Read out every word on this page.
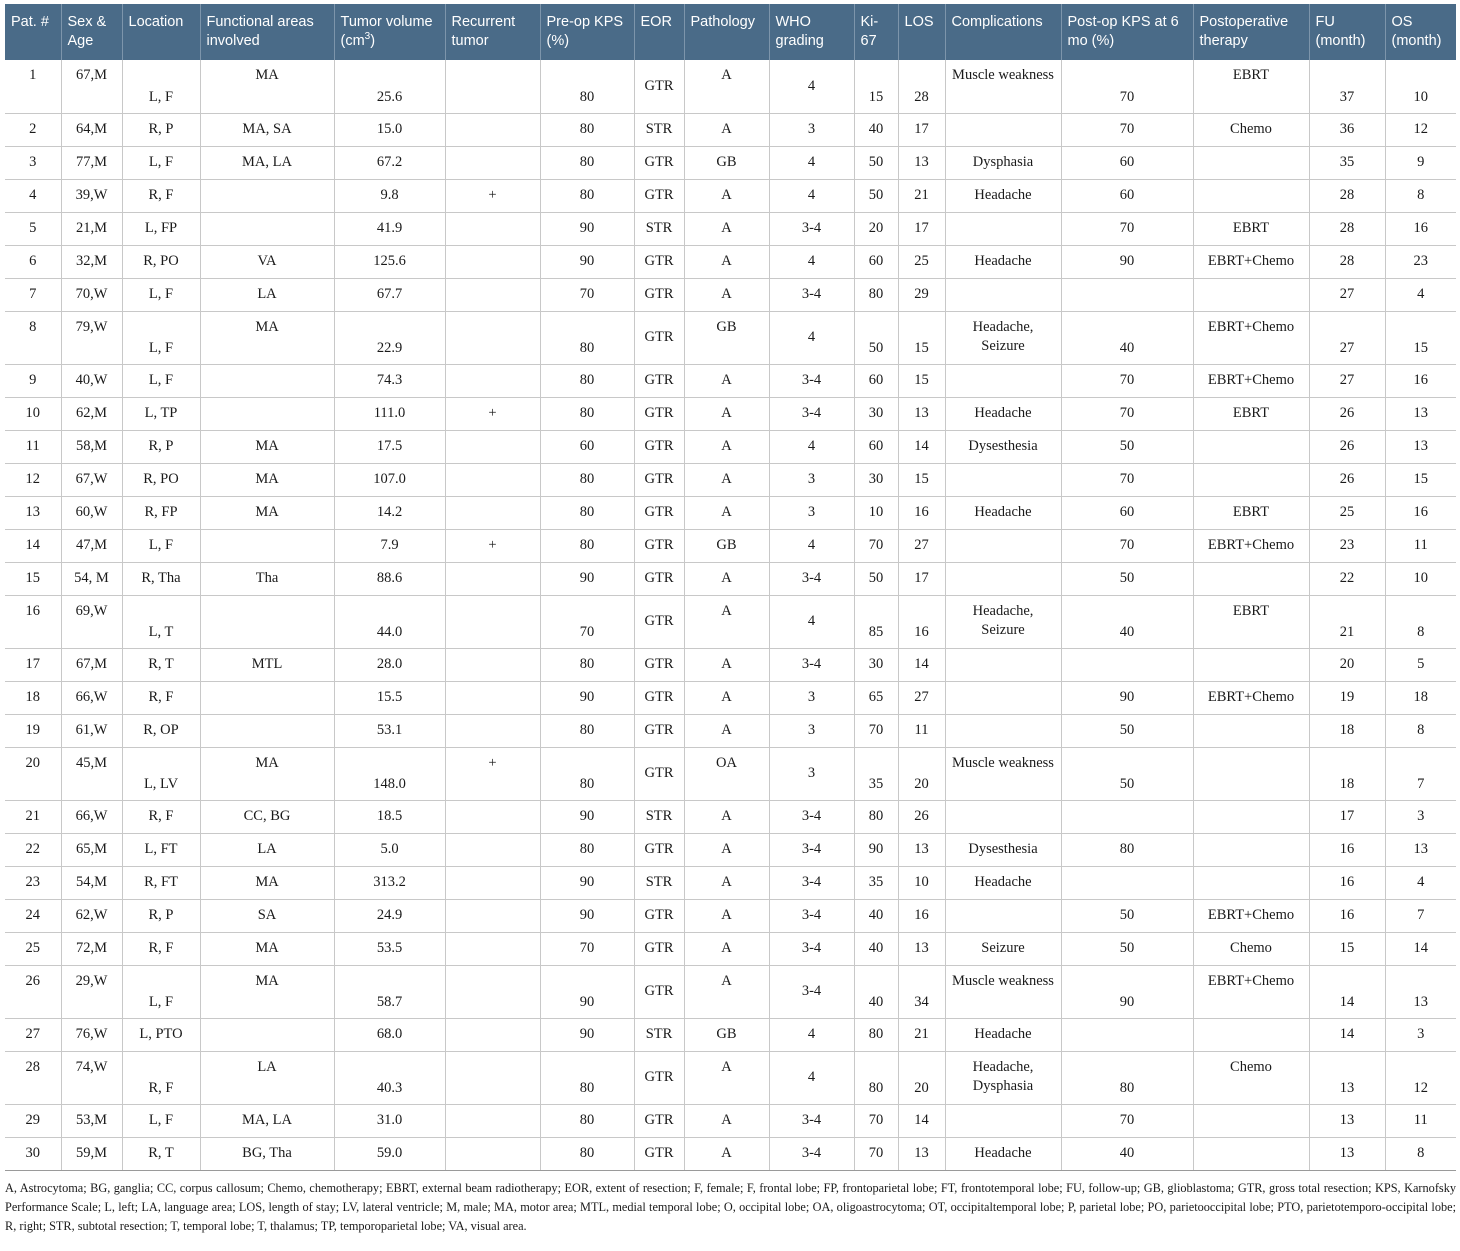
Pat. #	Sex & Age	Location	Functional areas involved	Tumor volume $(cm^3)$	Recurrent tumor	Pre-op KPS (%)	EOR	Pathology	WHO grading	Ki-67	LOS	Complications	Post-op KPS at 6 mo (%)	Postoperative therapy	FU (month)	OS (month)
1	67,M	L, F	MA	25.6		80	GTR	A	4	15	28	Muscle weakness	70	EBRT	37	10
2	64,M	R, P	MA, SA	15.0		80	STR	A	3	40	17		70	Chemo	36	12
3	77,M	L, F	MA, LA	67.2		80	GTR	GB	4	50	13	Dysphasia	60		35	9
4	39,W	R, F		9.8	+	80	GTR	A	4	50	21	Headache	60		28	8
5	21,M	L, FP		41.9		90	STR	A	3-4	20	17		70	EBRT	28	16
6	32,M	R, PO	VA	125.6		90	GTR	A	4	60	25	Headache	90	EBRT+Chemo	28	23
7	70,W	L, F	LA	67.7		70	GTR	A	3-4	80	29				27	4
8	79,W	L, F	MA	22.9		80	GTR	GB	4	50	15	Headache, Seizure	40	EBRT+Chemo	27	15
9	40,W	L, F		74.3		80	GTR	A	3-4	60	15		70	EBRT+Chemo	27	16
10	62,M	L, TP		111.0	+	80	GTR	A	3-4	30	13	Headache	70	EBRT	26	13
11	58,M	R, P	MA	17.5		60	GTR	A	4	60	14	Dysesthesia	50		26	13
12	67,W	R, PO	MA	107.0		80	GTR	A	3	30	15		70		26	15
13	60,W	R, FP	MA	14.2		80	GTR	A	3	10	16	Headache	60	EBRT	25	16
14	47,M	L, F		7.9	+	80	GTR	GB	4	70	27		70	EBRT+Chemo	23	11
15	54, M	R, Tha	Tha	88.6		90	GTR	A	3-4	50	17		50		22	10
16	69,W	L, T		44.0		70	GTR	A	4	85	16	Headache, Seizure	40	EBRT	21	8
17	67,M	R, T	MTL	28.0		80	GTR	A	3-4	30	14				20	5
18	66,W	R, F		15.5		90	GTR	A	3	65	27		90	EBRT+Chemo	19	18
19	61,W	R, OP		53.1		80	GTR	A	3	70	11		50		18	8
20	45,M	L, LV	MA	148.0	+	80	GTR	OA	3	35	20	Muscle weakness	50		18	7
21	66,W	R, F	CC, BG	18.5		90	STR	A	3-4	80	26				17	3
22	65,M	L, FT	LA	5.0		80	GTR	A	3-4	90	13	Dysesthesia	80		16	13
23	54,M	R, FT	MA	313.2		90	STR	A	3-4	35	10	Headache			16	4
24	62,W	R, P	SA	24.9		90	GTR	A	3-4	40	16		50	EBRT+Chemo	16	7
25	72,M	R, F	MA	53.5		70	GTR	A	3-4	40	13	Seizure	50	Chemo	15	14
26	29,W	L, F	MA	58.7		90	GTR	A	3-4	40	34	Muscle weakness	90	EBRT+Chemo	14	13
27	76,W	L, PTO		68.0		90	STR	GB	4	80	21	Headache			14	3
28	74,W	R, F	LA	40.3		80	GTR	A	4	80	20	Headache, Dysphasia	80	Chemo	13	12
29	53,M	L, F	MA, LA	31.0		80	GTR	A	3-4	70	14		70		13	11
30	59,M	R, T	BG, Tha	59.0		80	GTR	A	3-4	70	13	Headache	40		13	8
A, Astrocytoma; BG, ganglia; CC, corpus callosum; Chemo, chemotherapy; EBRT, external beam radiotherapy; EOR, extent of resection; F, female; F, frontal lobe; FP, frontoparietal lobe; FT, frontotemporal lobe; FU, follow-up; GB, glioblastoma; GTR, gross total resection; KPS, Karnofsky Performance Scale; L, left; LA, language area; LOS, length of stay; LV, lateral ventricle; M, male; MA, motor area; MTL, medial temporal lobe; O, occipital lobe; OA, oligoastrocytoma; OT, occipitaltemporal lobe; P, parietal lobe; PO, parietooccipital lobe; PTO, parietotemporo-occipital lobe; R, right; STR, subtotal resection; T, temporal lobe; T, thalamus; TP, temporoparietal lobe; VA, visual area.
